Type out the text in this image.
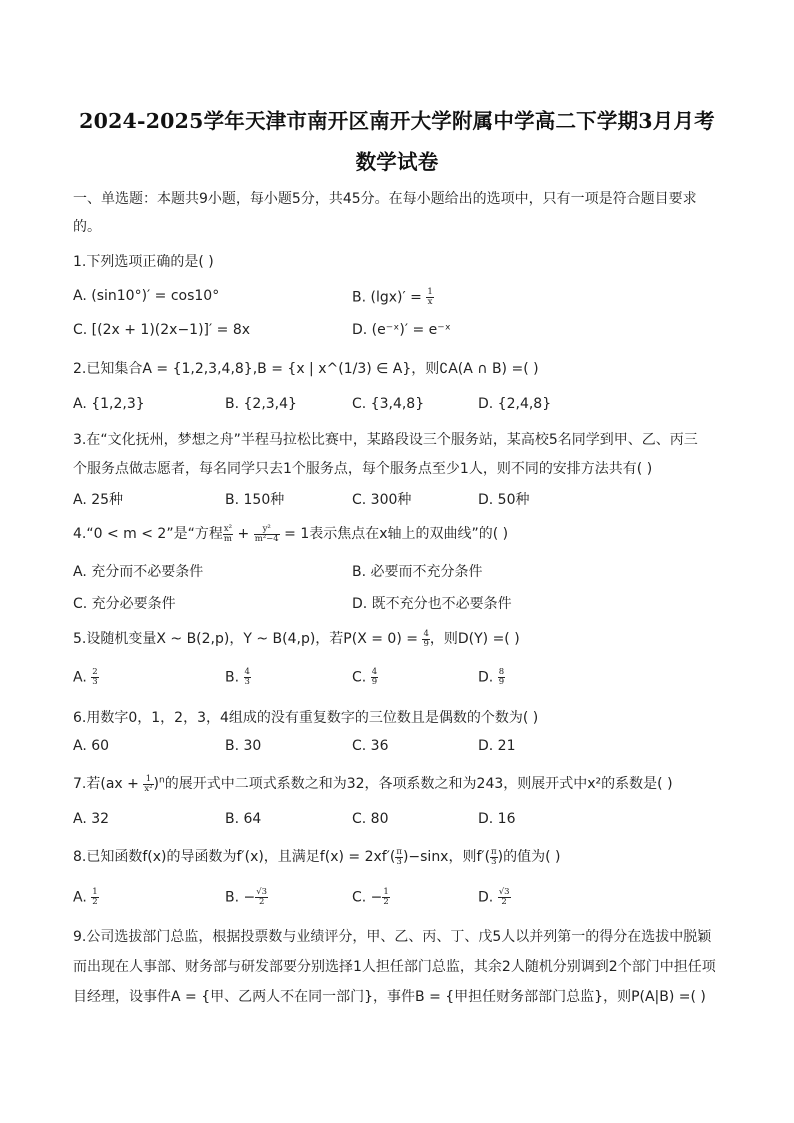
2024-2025学年天津市南开区南开大学附属中学高二下学期3月月考
数学试卷
一、单选题：本题共9小题，每小题5分，共45分。在每小题给出的选项中，只有一项是符合题目要求
的。
1.下列选项正确的是( )
A. (sin10°)′ = cos10°	B. $(\lg x)' = \frac{1}{x}$
C. [(2x + 1)(2x−1)]′ = 8x	D. (e⁻ˣ)′ = e⁻ˣ
2.已知集合A = {1,2,3,4,8},B = {x | x^(1/3) ∈ A}，则∁A(A ∩ B) =( )
A. {1,2,3}	B. {2,3,4}	C. {3,4,8}	D. {2,4,8}
3.在“文化抚州，梦想之舟”半程马拉松比赛中，某路段设三个服务站，某高校5名同学到甲、乙、丙三
个服务点做志愿者，每名同学只去1个服务点，每个服务点至少1人，则不同的安排方法共有( )
A. 25种	B. 150种	C. 300种	D. 50种
4.“0 < m < 2”是“方程 $\frac{\text{x²}}{m} + \frac{\text{y²}}{\text{m²−4}} = 1$表示焦点在x轴上的双曲线”的( )
A. 充分而不必要条件	B. 必要而不充分条件
C. 充分必要条件	D. 既不充分也不必要条件
5.设随机变量X ~ B(2,p)，Y ~ B(4,p)，若$P(X = 0) = \frac{4}{9}$ ，则D(Y) =( )
A. $\frac{2}{3}$	B. $\frac{4}{3}$	C. $\frac{4}{9}$	D. $\frac{8}{9}$
6.用数字0，1，2，3，4组成的没有重复数字的三位数且是偶数的个数为( )
A. 60	B. 30	C. 36	D. 21
7.若$(ax + \frac{1}{\text{x²}} )^n$的展开式中二项式系数之和为32，各项系数之和为243，则展开式中x²的系数是( )
A. 32	B. 64	C. 80	D. 16
8.已知函数f(x)的导函数为f′(x)，且满足$f(x) = 2xf'( \frac{\pi}{3} )-\sin x$，则$f'( \frac{\pi}{3}$ )的值为( )
A. $\frac{1}{2}$	B. − $\frac{√3}{2}$	C. − $\frac{1}{2}$	D. $\frac{√3}{2}$
9.公司选拔部门总监，根据投票数与业绩评分，甲、乙、丙、丁、戊5人以并列第一的得分在选拔中脱颖
而出现在人事部、财务部与研发部要分别选择1人担任部门总监，其余2人随机分别调到2个部门中担任项
目经理，设事件A = {甲、乙两人不在同一部门}，事件B = {甲担任财务部部门总监}，则P(A|B) =( )
